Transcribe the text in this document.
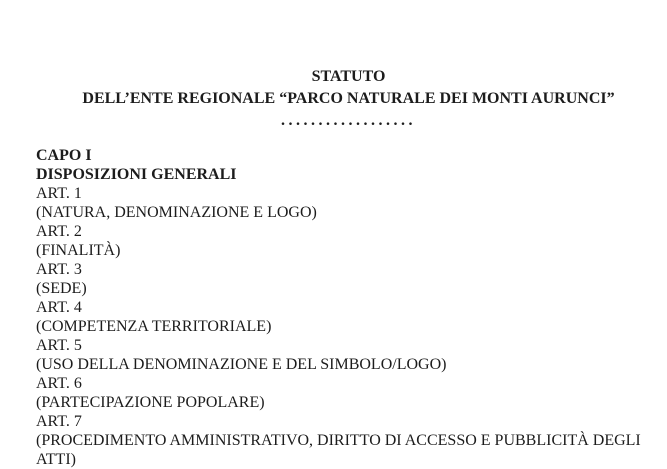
STATUTO
DELL’ENTE REGIONALE “PARCO NATURALE DEI MONTI AURUNCI”
..................
CAPO I
DISPOSIZIONI GENERALI
ART. 1
(NATURA, DENOMINAZIONE E LOGO)
ART. 2
(FINALITÀ)
ART. 3
(SEDE)
ART. 4
(COMPETENZA TERRITORIALE)
ART. 5
(USO DELLA DENOMINAZIONE E DEL SIMBOLO/LOGO)
ART. 6
(PARTECIPAZIONE POPOLARE)
ART. 7
(PROCEDIMENTO AMMINISTRATIVO, DIRITTO DI ACCESSO E PUBBLICITÀ DEGLI ATTI)
